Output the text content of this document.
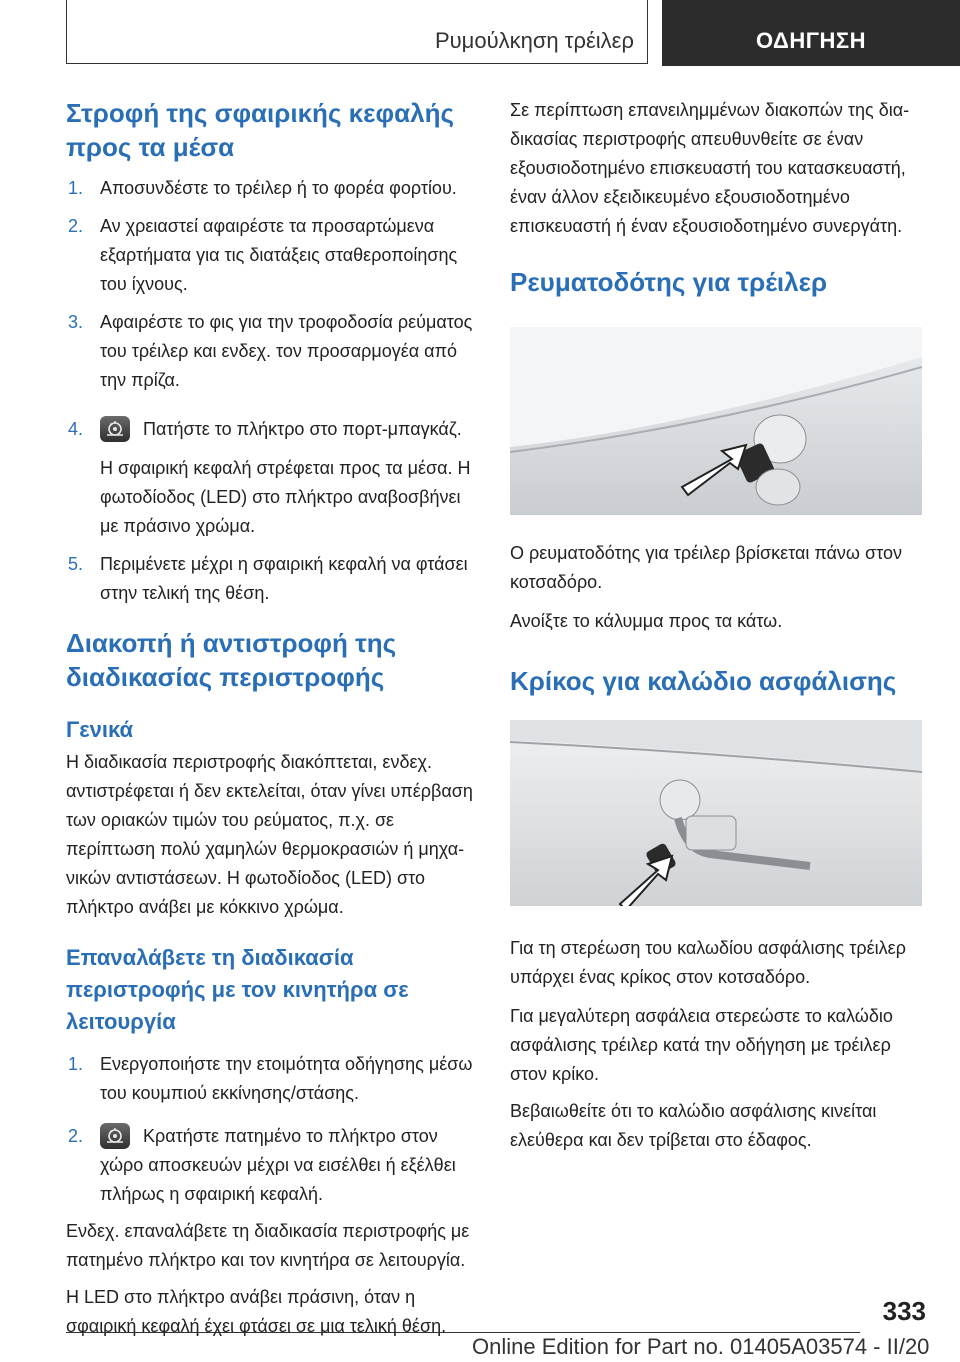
Ρυμούλκηση τρέιλερ	ΟΔΗΓΗΣΗ
Στροφή της σφαιρικής κεφαλής προς τα μέσα
1. Αποσυνδέστε το τρέιλερ ή το φορέα φορτίου.
2. Αν χρειαστεί αφαιρέστε τα προσαρτώμενα εξαρτήματα για τις διατάξεις σταθεροποίησης του ίχνους.
3. Αφαιρέστε το φις για την τροφοδοσία ρεύματος του τρέιλερ και ενδεχ. τον προσαρμογέα από την πρίζα.
4.	Πατήστε το πλήκτρο στο πορτ-μπαγκάζ.
Η σφαιρική κεφαλή στρέφεται προς τα μέσα. Η φωτοδίοδος (LED) στο πλήκτρο αναβοσβήνει με πράσινο χρώμα.
5. Περιμένετε μέχρι η σφαιρική κεφαλή να φτάσει στην τελική της θέση.
Διακοπή ή αντιστροφή της διαδικασίας περιστροφής
Γενικά

Η διαδικασία περιστροφής διακόπτεται, ενδεχ. αντιστρέφεται ή δεν εκτελείται, όταν γίνει υπέρβαση των οριακών τιμών του ρεύματος, π.χ. σε περίπτωση πολύ χαμηλών θερμοκρασιών ή μηχανικών αντιστάσεων. Η φωτοδίοδος (LED) στο πλήκτρο ανάβει με κόκκινο χρώμα.

Επαναλάβετε τη διαδικασία περιστροφής με τον κινητήρα σε λειτουργία
1. Ενεργοποιήστε την ετοιμότητα οδήγησης μέσω του κουμπιού εκκίνησης/στάσης.
2.	Κρατήστε πατημένο το πλήκτρο στον χώρο αποσκευών μέχρι να εισέλθει ή εξέλθει πλήρως η σφαιρική κεφαλή.

Ενδεχ. επαναλάβετε τη διαδικασία περιστροφής με πατημένο πλήκτρο και τον κινητήρα σε λειτουργία.

Η LED στο πλήκτρο ανάβει πράσινη, όταν η σφαιρική κεφαλή έχει φτάσει σε μια τελική θέση.

Σε περίπτωση επανειλημμένων διακοπών της διαδικασίας περιστροφής απευθυνθείτε σε έναν εξουσιοδοτημένο επισκευαστή του κατασκευαστή, έναν άλλον εξειδικευμένο εξουσιοδοτημένο επισκευαστή ή έναν εξουσιοδοτημένο συνεργάτη.

Ρευματοδότης για τρέιλερ

Ο ρευματοδότης για τρέιλερ βρίσκεται πάνω στον κοτσαδόρο.

Ανοίξτε το κάλυμμα προς τα κάτω.

Κρίκος για καλώδιο ασφάλισης

Για τη στερέωση του καλωδίου ασφάλισης τρέιλερ υπάρχει ένας κρίκος στον κοτσαδόρο.

Για μεγαλύτερη ασφάλεια στερεώστε το καλώδιο ασφάλισης τρέιλερ κατά την οδήγηση με τρέιλερ στον κρίκο.

Βεβαιωθείτε ότι το καλώδιο ασφάλισης κινείται ελεύθερα και δεν τρίβεται στο έδαφος.

333
Online Edition for Part no. 01405A03574 - II/20
